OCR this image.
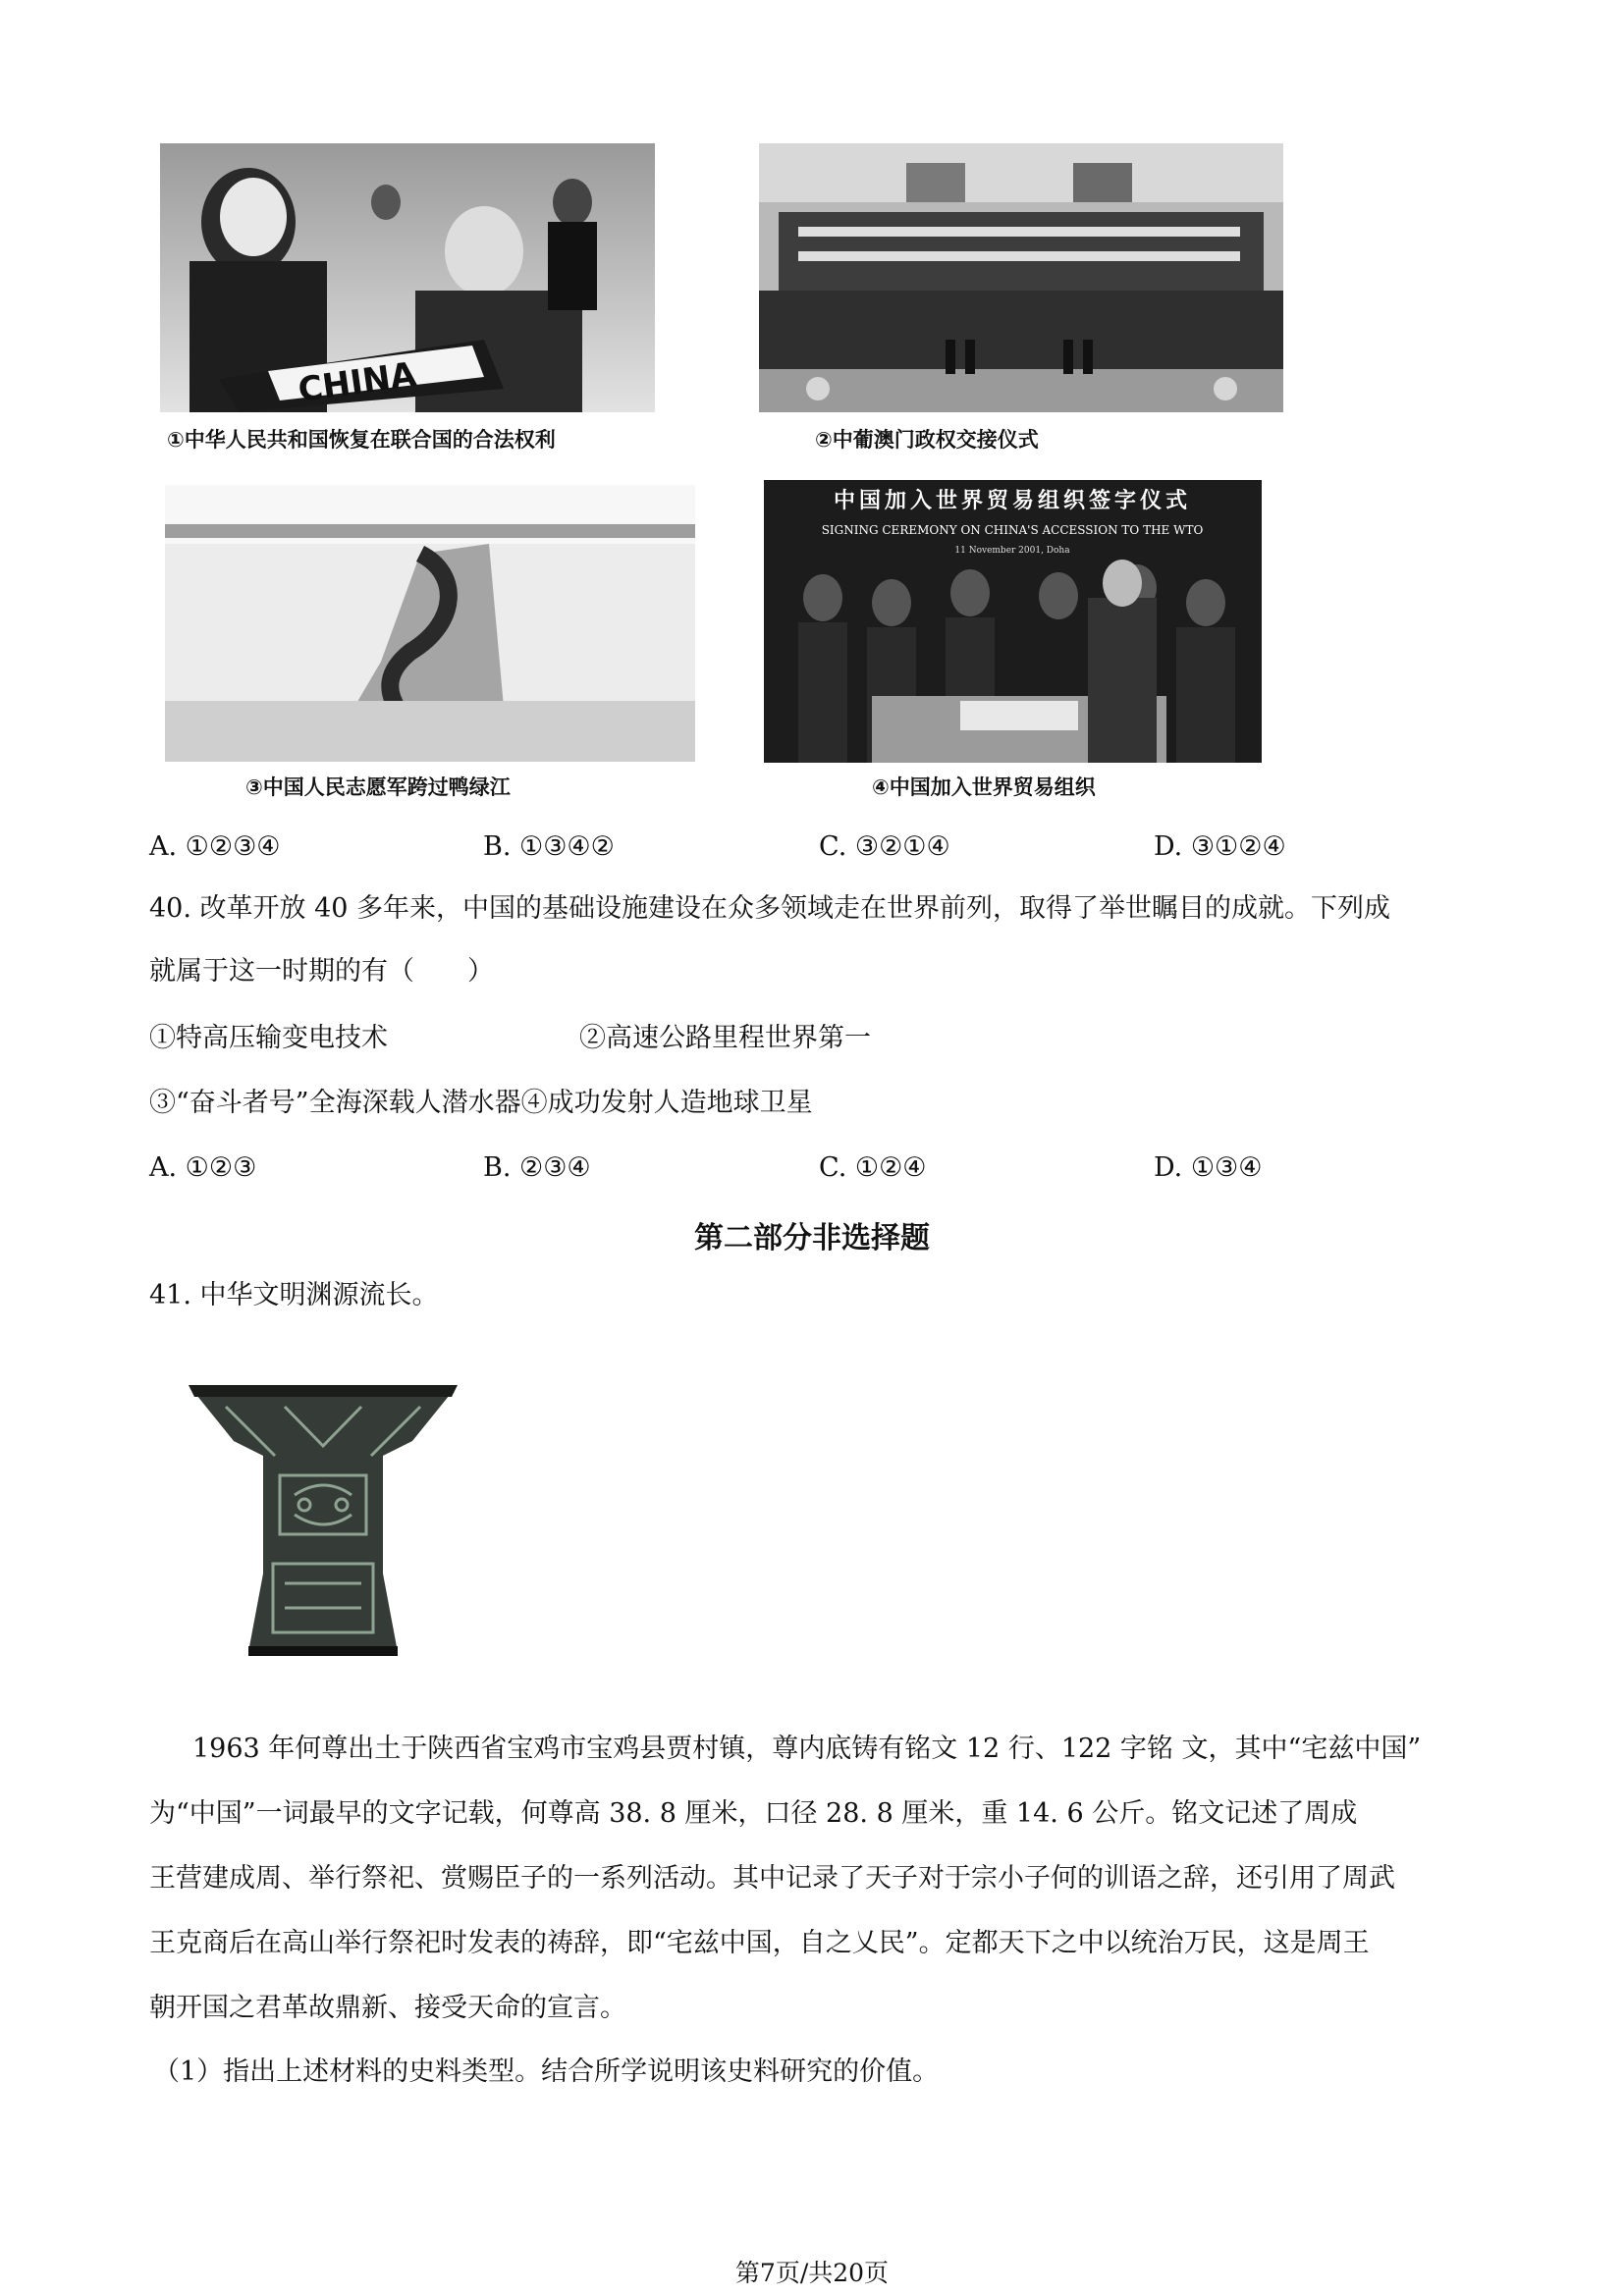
CHINA
①中华人民共和国恢复在联合国的合法权利	②中葡澳门政权交接仪式
③中国人民志愿军跨过鸭绿江
中国加入世界贸易组织签字仪式
SIGNING CEREMONY ON CHINA'S ACCESSION TO THE WTO
11 November 2001, Doha
④中国加入世界贸易组织
A. ①②③④	B. ①③④②	C. ③②①④	D. ③①②④
40. 改革开放 40 多年来，中国的基础设施建设在众多领域走在世界前列，取得了举世瞩目的成就。下列成
就属于这一时期的有（　　）
①特高压输变电技术	②高速公路里程世界第一
③“奋斗者号”全海深载人潜水器④成功发射人造地球卫星
A. ①②③	B. ②③④	C. ①②④	D. ①③④
第二部分非选择题
41. 中华文明渊源流长。
1963 年何尊出土于陕西省宝鸡市宝鸡县贾村镇，尊内底铸有铭文 12 行、122 字铭 文，其中“宅兹中国”
为“中国”一词最早的文字记载，何尊高 38. 8 厘米，口径 28. 8 厘米，重 14. 6 公斤。铭文记述了周成
王营建成周、举行祭祀、赏赐臣子的一系列活动。其中记录了天子对于宗小子何的训语之辞，还引用了周武
王克商后在高山举行祭祀时发表的祷辞，即“宅兹中国，自之乂民”。定都天下之中以统治万民，这是周王
朝开国之君革故鼎新、接受天命的宣言。
（1）指出上述材料的史料类型。结合所学说明该史料研究的价值。
第7页/共20页
